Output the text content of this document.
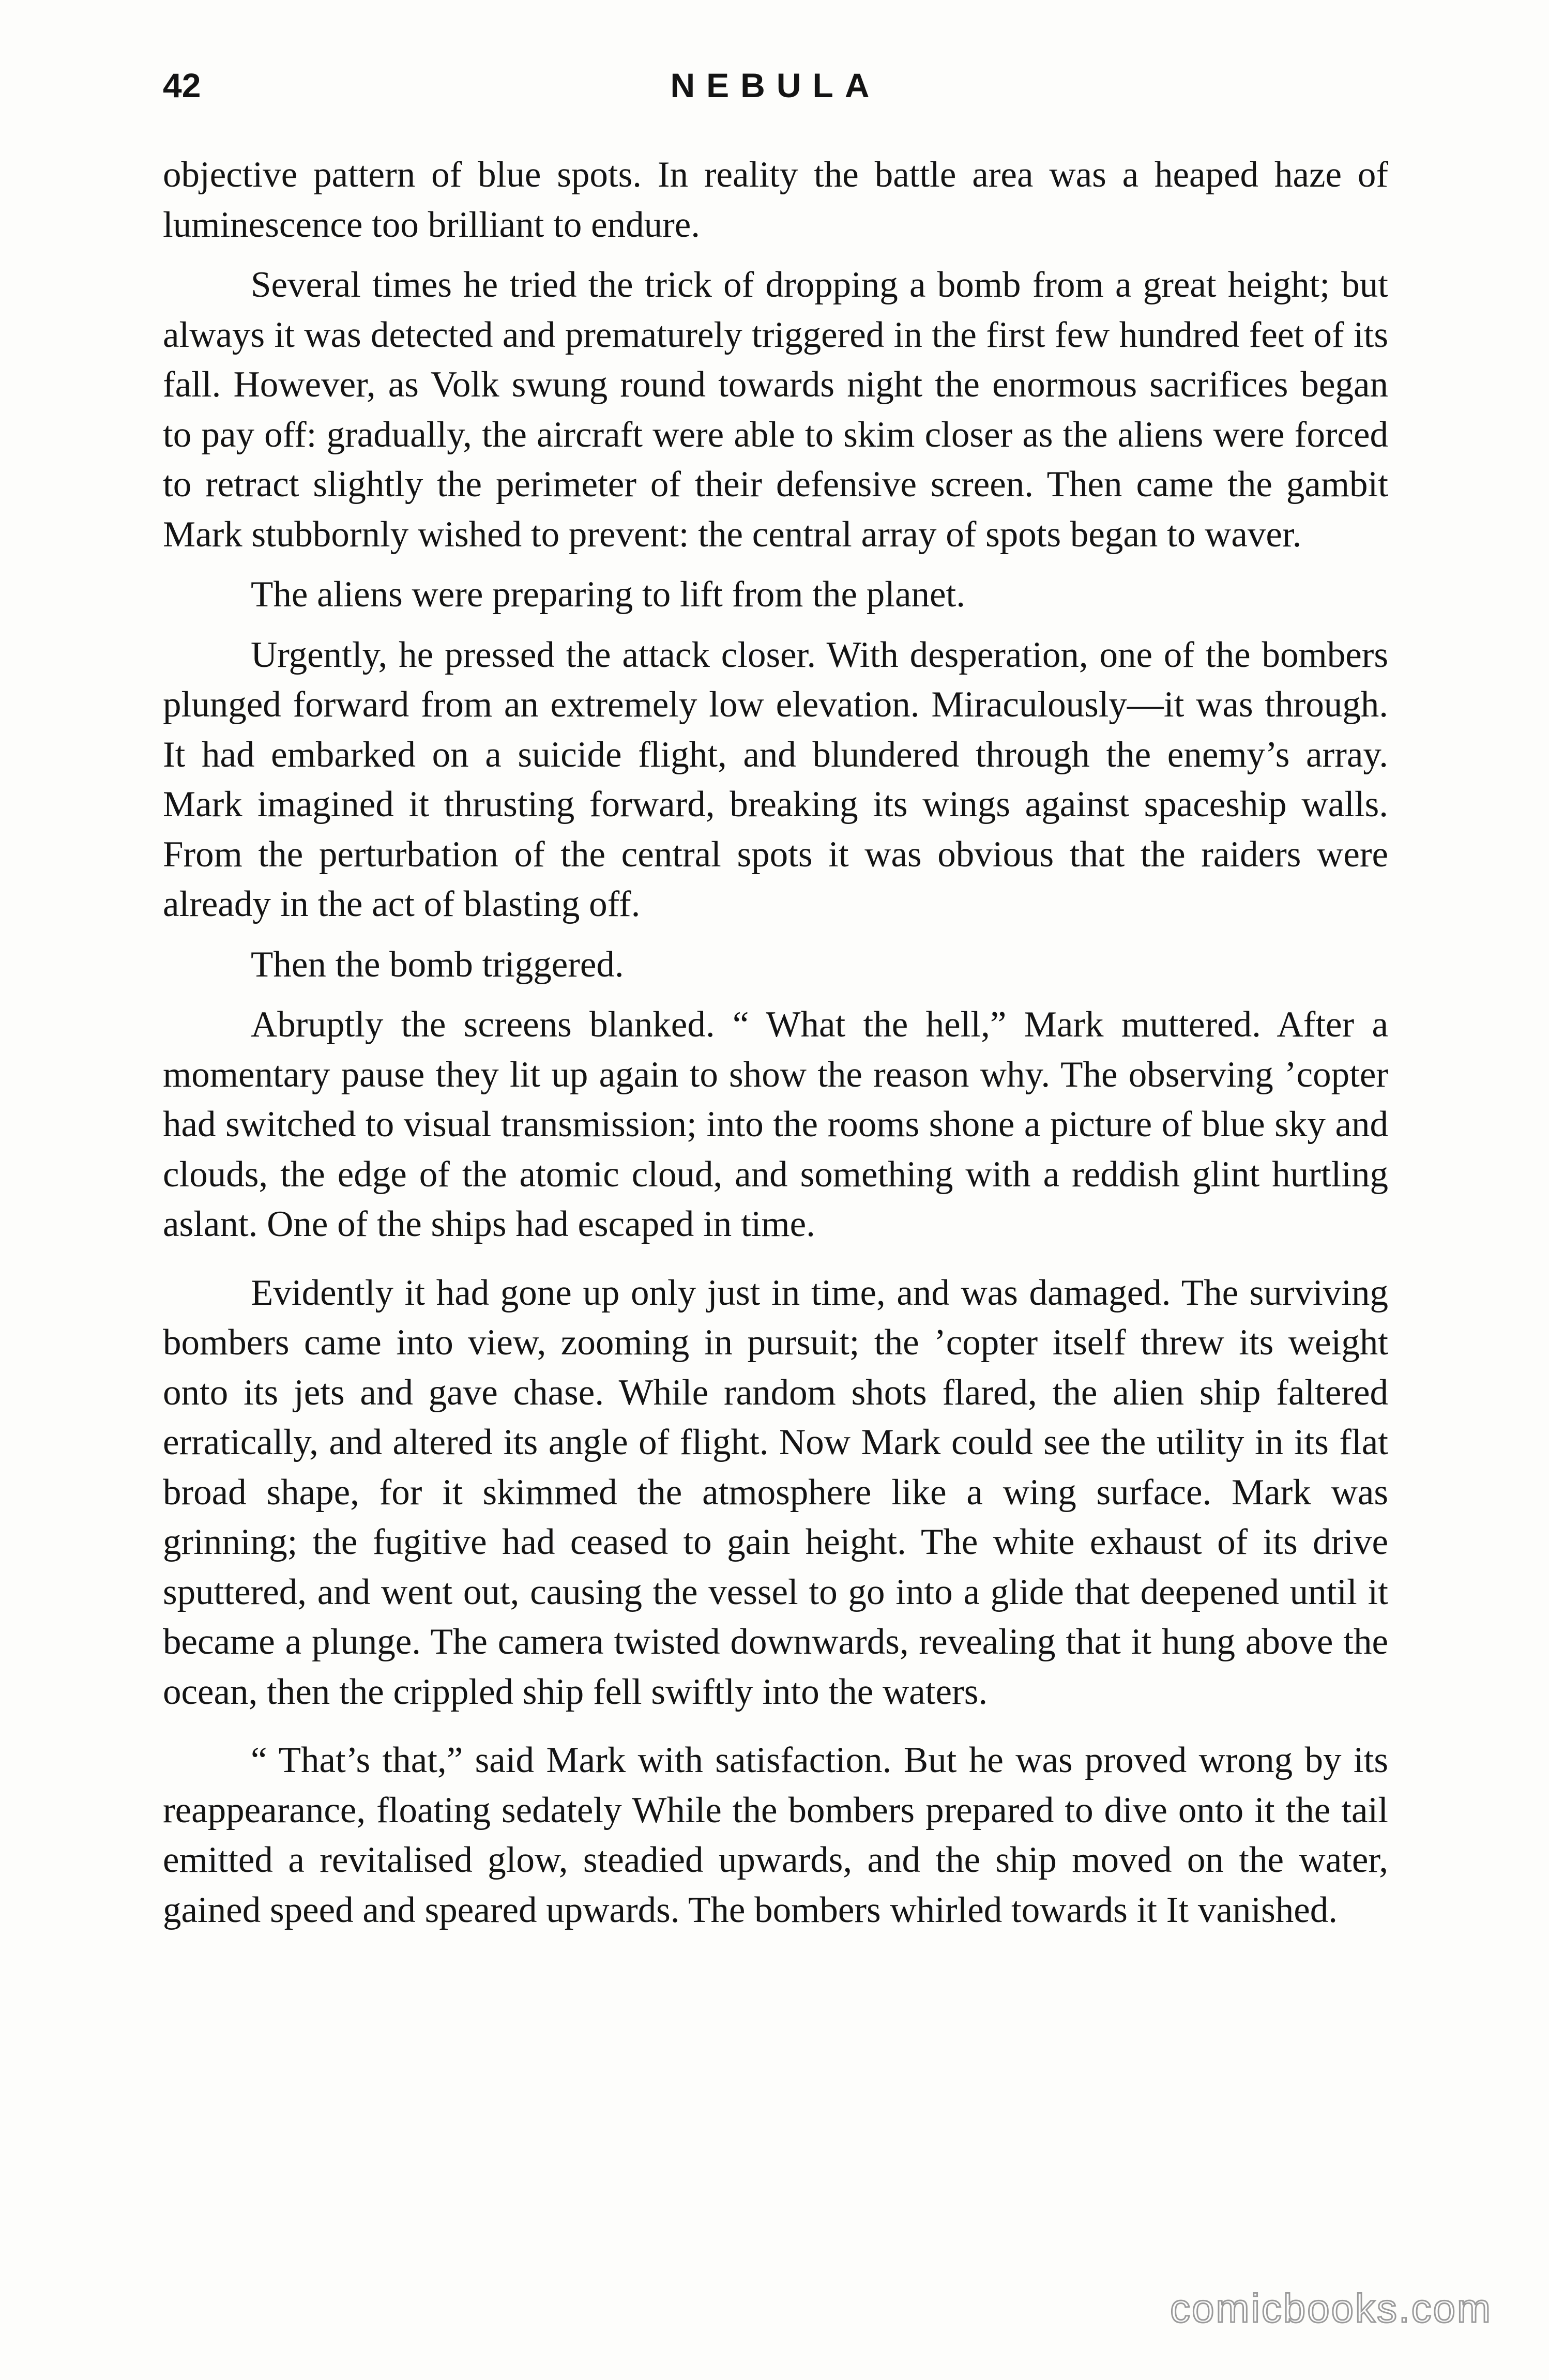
42	NEBULA

objective pattern of blue spots. In reality the battle area was a heaped haze of luminescence too brilliant to endure.

Several times he tried the trick of dropping a bomb from a great height; but always it was detected and prematurely triggered in the first few hundred feet of its fall. However, as Volk swung round towards night the enormous sacrifices began to pay off: gradually, the aircraft were able to skim closer as the aliens were forced to retract slightly the perimeter of their defensive screen. Then came the gambit Mark stubbornly wished to prevent: the central array of spots began to waver.

The aliens were preparing to lift from the planet.

Urgently, he pressed the attack closer. With desperation, one of the bombers plunged forward from an extremely low elevation. Miraculously—it was through. It had embarked on a suicide flight, and blundered through the enemy’s array. Mark imagined it thrusting forward, breaking its wings against spaceship walls. From the perturbation of the central spots it was obvious that the raiders were already in the act of blasting off.

Then the bomb triggered.

Abruptly the screens blanked. “ What the hell,” Mark muttered. After a momentary pause they lit up again to show the reason why. The observing ’copter had switched to visual transmission; into the rooms shone a picture of blue sky and clouds, the edge of the atomic cloud, and something with a reddish glint hurtling aslant. One of the ships had escaped in time.

Evidently it had gone up only just in time, and was damaged. The surviving bombers came into view, zooming in pursuit; the ’copter itself threw its weight onto its jets and gave chase. While random shots flared, the alien ship faltered erratically, and altered its angle of flight. Now Mark could see the utility in its flat broad shape, for it skimmed the atmosphere like a wing surface. Mark was grinning; the fugitive had ceased to gain height. The white exhaust of its drive sputtered, and went out, causing the vessel to go into a glide that deepened until it became a plunge. The camera twisted downwards, revealing that it hung above the ocean, then the crippled ship fell swiftly into the waters.

“ That’s that,” said Mark with satisfaction. But he was proved wrong by its reappearance, floating sedately While the bombers prepared to dive onto it the tail emitted a revitalised glow, steadied upwards, and the ship moved on the water, gained speed and speared upwards. The bombers whirled towards it It vanished.

comicbooks.com
